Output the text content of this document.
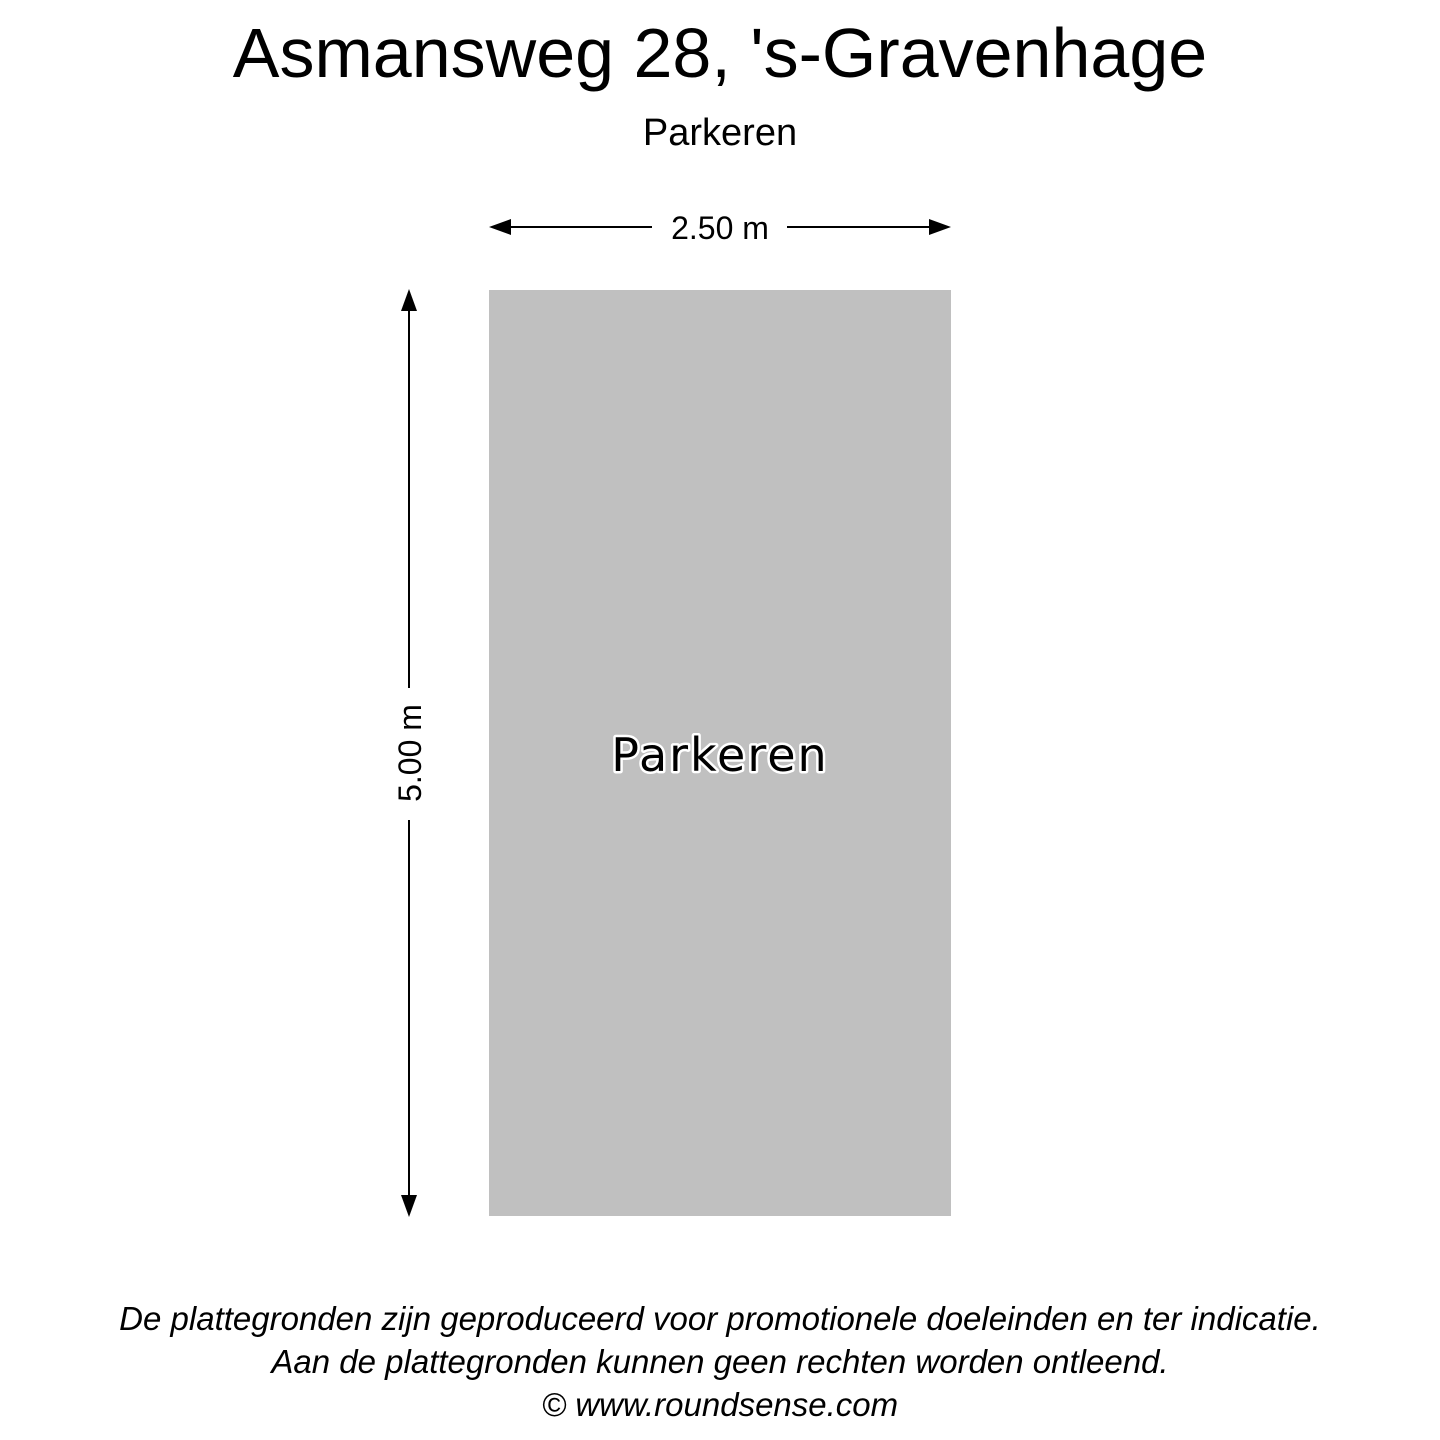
Asmansweg 28, 's-Gravenhage
Parkeren
Parkeren
2.50 m
5.00 m
De plattegronden zijn geproduceerd voor promotionele doeleinden en ter indicatie.
Aan de plattegronden kunnen geen rechten worden ontleend.
© www.roundsense.com
